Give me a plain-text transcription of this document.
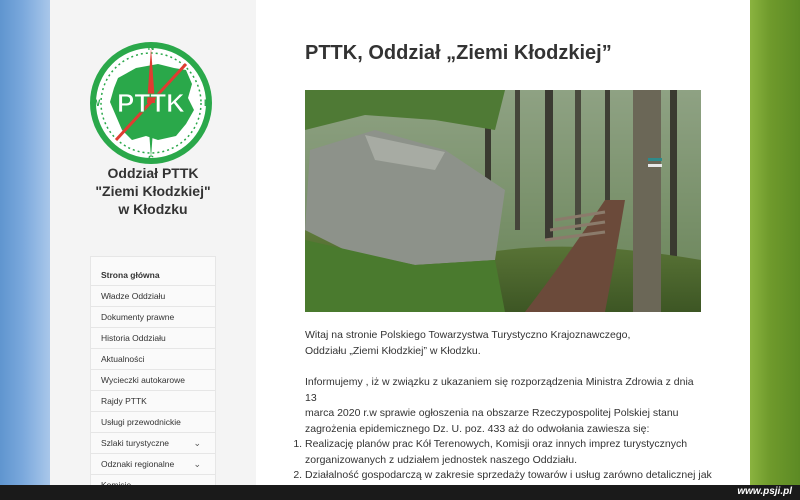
PTTK
N
S
W	E
Oddział PTTK
"Ziemi Kłodzkiej"
w Kłodzku
Strona główna
Władze Oddziału
Dokumenty prawne
Historia Oddziału
Aktualności
Wycieczki autokarowe
Rajdy PTTK
Usługi przewodnickie
Szlaki turystyczne	⌄
Odznaki regionalne ⌄
PTTK, Oddział „Ziemi Kłodzkiej”
Witaj na stronie Polskiego Towarzystwa Turystyczno Krajoznawczego,
Oddziału „Ziemi Kłodzkiej” w Kłodzku.
Informujemy , iż w związku z ukazaniem się rozporządzenia Ministra Zdrowia z dnia 13
marca 2020 r.w sprawie ogłoszenia na obszarze Rzeczypospolitej Polskiej stanu
zagrożenia epidemicznego Dz. U. poz. 433 aż do odwołania zawiesza się:
1. Realizację planów prac Kół Terenowych, Komisji oraz innych imprez turystycznych
zorganizowanych z udziałem jednostek naszego Oddziału.
2. Działalność gospodarczą w zakresie sprzedaży towarów i usług zarówno detalicznej jak
www.psji.pl
